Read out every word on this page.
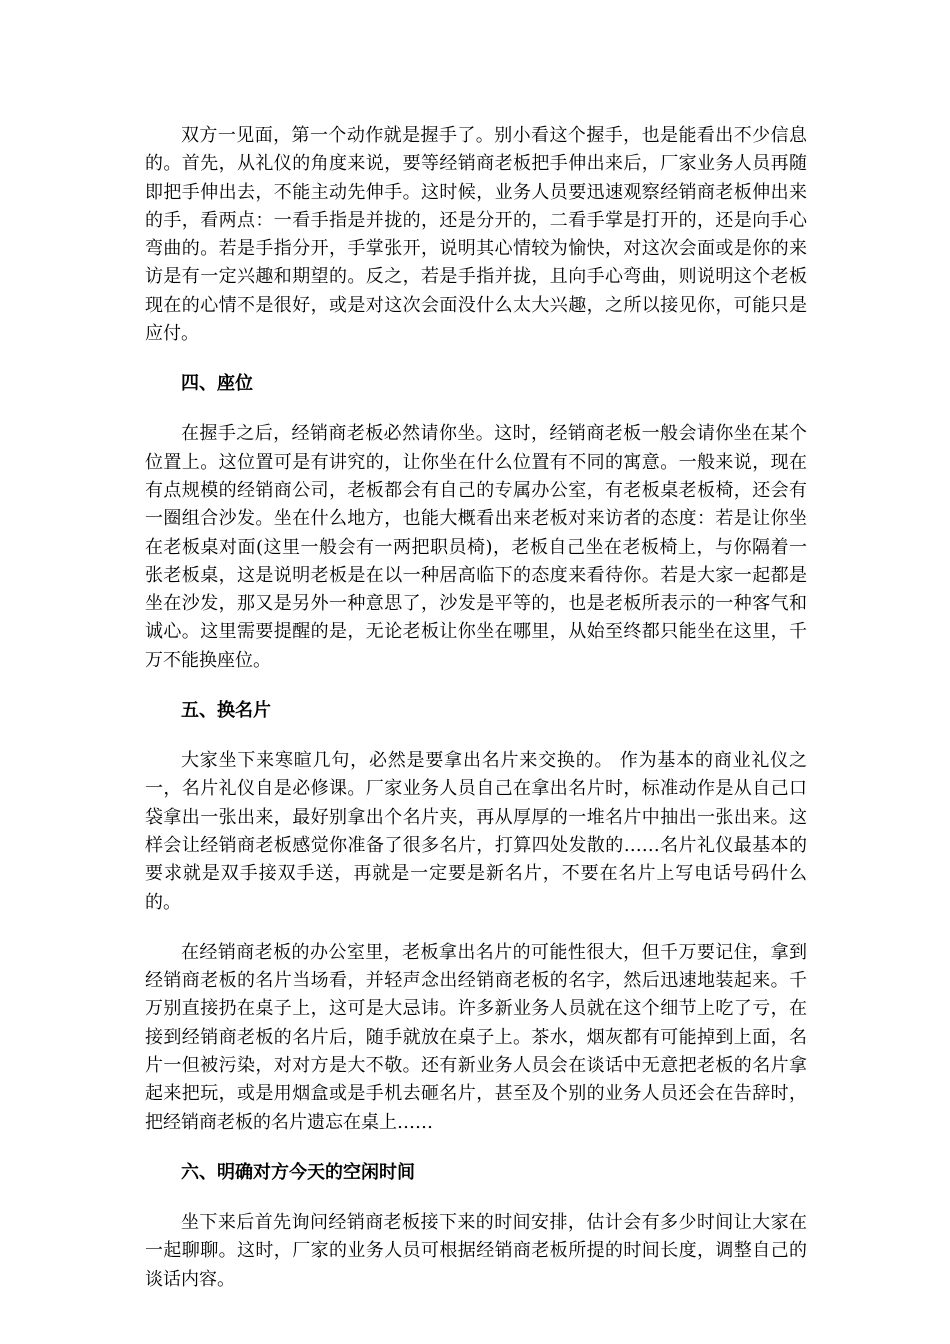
双方一见面，第一个动作就是握手了。别小看这个握手，也是能看出不少信息的。首先，从礼仪的角度来说，要等经销商老板把手伸出来后，厂家业务人员再随即把手伸出去，不能主动先伸手。这时候，业务人员要迅速观察经销商老板伸出来的手，看两点：一看手指是并拢的，还是分开的，二看手掌是打开的，还是向手心弯曲的。若是手指分开，手掌张开，说明其心情较为愉快，对这次会面或是你的来访是有一定兴趣和期望的。反之，若是手指并拢，且向手心弯曲，则说明这个老板现在的心情不是很好，或是对这次会面没什么太大兴趣，之所以接见你，可能只是应付。

四、座位

在握手之后，经销商老板必然请你坐。这时，经销商老板一般会请你坐在某个位置上。这位置可是有讲究的，让你坐在什么位置有不同的寓意。一般来说，现在有点规模的经销商公司，老板都会有自己的专属办公室，有老板桌老板椅，还会有一圈组合沙发。坐在什么地方，也能大概看出来老板对来访者的态度：若是让你坐在老板桌对面(这里一般会有一两把职员椅)，老板自己坐在老板椅上，与你隔着一张老板桌，这是说明老板是在以一种居高临下的态度来看待你。若是大家一起都是坐在沙发，那又是另外一种意思了，沙发是平等的，也是老板所表示的一种客气和诚心。这里需要提醒的是，无论老板让你坐在哪里，从始至终都只能坐在这里，千万不能换座位。

五、换名片

大家坐下来寒暄几句，必然是要拿出名片来交换的。 作为基本的商业礼仪之一，名片礼仪自是必修课。厂家业务人员自己在拿出名片时，标准动作是从自己口袋拿出一张出来，最好别拿出个名片夹，再从厚厚的一堆名片中抽出一张出来。这样会让经销商老板感觉你准备了很多名片，打算四处发散的……名片礼仪最基本的要求就是双手接双手送，再就是一定要是新名片，不要在名片上写电话号码什么的。

在经销商老板的办公室里，老板拿出名片的可能性很大，但千万要记住，拿到经销商老板的名片当场看，并轻声念出经销商老板的名字，然后迅速地装起来。千万别直接扔在桌子上，这可是大忌讳。许多新业务人员就在这个细节上吃了亏，在接到经销商老板的名片后，随手就放在桌子上。茶水，烟灰都有可能掉到上面，名片一但被污染，对对方是大不敬。还有新业务人员会在谈话中无意把老板的名片拿起来把玩，或是用烟盒或是手机去砸名片，甚至及个别的业务人员还会在告辞时，把经销商老板的名片遗忘在桌上……

六、明确对方今天的空闲时间

坐下来后首先询问经销商老板接下来的时间安排，估计会有多少时间让大家在一起聊聊。这时，厂家的业务人员可根据经销商老板所提的时间长度，调整自己的谈话内容。
